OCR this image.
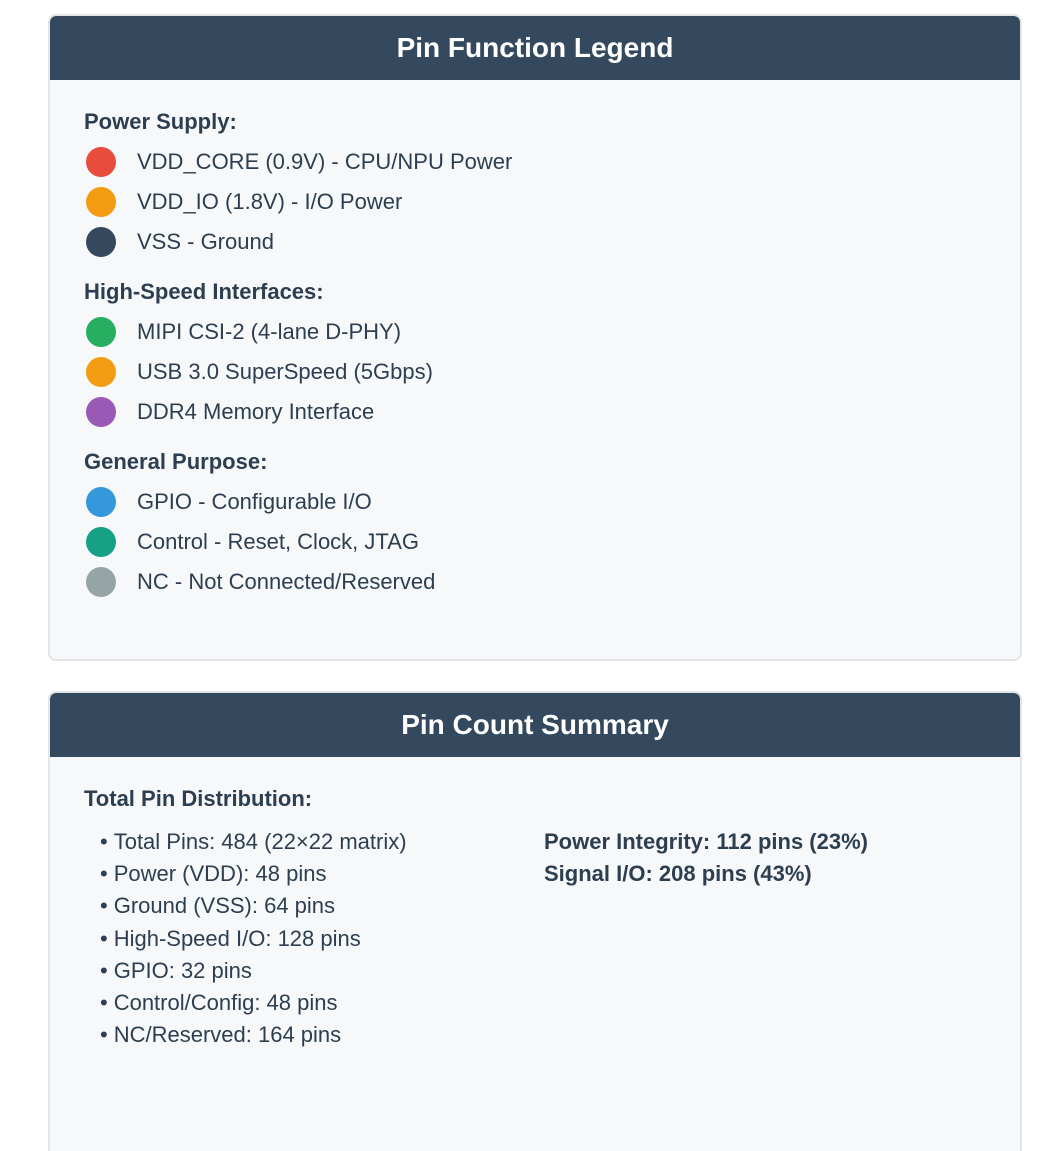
Pin Function Legend
Power Supply:
VDD_CORE (0.9V) - CPU/NPU Power
VDD_IO (1.8V) - I/O Power
VSS - Ground
High-Speed Interfaces:
MIPI CSI-2 (4-lane D-PHY)
USB 3.0 SuperSpeed (5Gbps)
DDR4 Memory Interface
General Purpose:
GPIO - Configurable I/O
Control - Reset, Clock, JTAG
NC - Not Connected/Reserved
Pin Count Summary
Total Pin Distribution:
• Total Pins: 484 (22×22 matrix)
• Power (VDD): 48 pins
• Ground (VSS): 64 pins
• High-Speed I/O: 128 pins
• GPIO: 32 pins
• Control/Config: 48 pins
• NC/Reserved: 164 pins
Power Integrity: 112 pins (23%)
Signal I/O: 208 pins (43%)
